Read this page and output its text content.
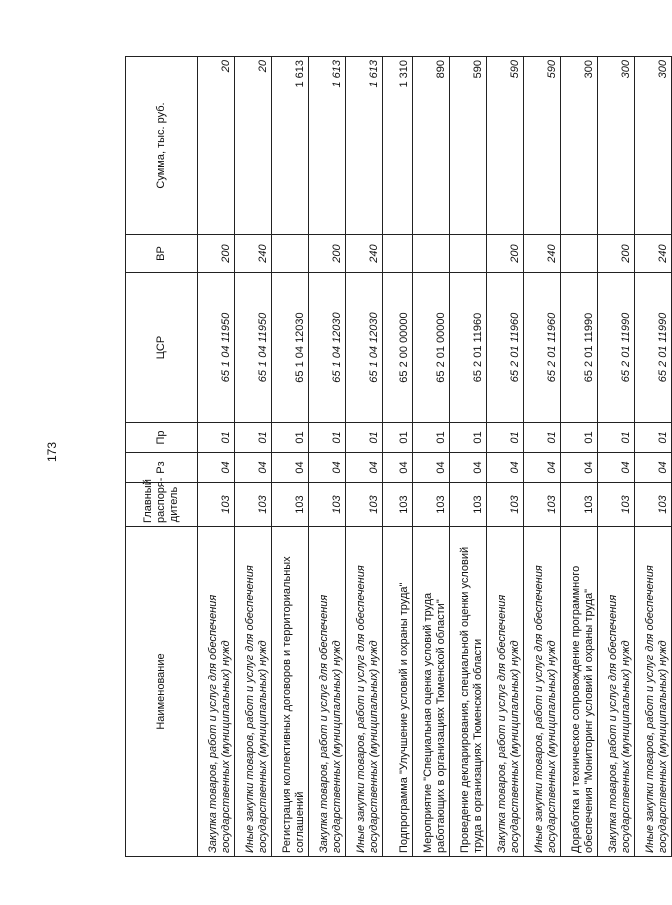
173
Наименование	Главный распоря-дитель	Рз	Пр	ЦСР	ВР	Сумма, тыс. руб.
Закупка товаров, работ и услуг для обеспечения государственных (муниципальных) нужд	103	04	01	65 1 04 11950	200	20
Иные закупки товаров, работ и услуг для обеспечения государственных (муниципальных) нужд	103	04	01	65 1 04 11950	240	20
Регистрация коллективных договоров и территориальных соглашений	103	04	01	65 1 04 12030		1 613
Закупка товаров, работ и услуг для обеспечения государственных (муниципальных) нужд	103	04	01	65 1 04 12030	200	1 613
Иные закупки товаров, работ и услуг для обеспечения государственных (муниципальных) нужд	103	04	01	65 1 04 12030	240	1 613
Подпрограмма "Улучшение условий и охраны труда"	103	04	01	65 2 00 00000		1 310
Мероприятие "Специальная оценка условий труда работающих в организациях Тюменской области"	103	04	01	65 2 01 00000		890
Проведение декларирования, специальной оценки условий труда в организациях Тюменской области	103	04	01	65 2 01 11960		590
Закупка товаров, работ и услуг для обеспечения государственных (муниципальных) нужд	103	04	01	65 2 01 11960	200	590
Иные закупки товаров, работ и услуг для обеспечения государственных (муниципальных) нужд	103	04	01	65 2 01 11960	240	590
Доработка и техническое сопровождение программного обеспечения "Мониторинг условий и охраны труда"	103	04	01	65 2 01 11990		300
Закупка товаров, работ и услуг для обеспечения государственных (муниципальных) нужд	103	04	01	65 2 01 11990	200	300
Иные закупки товаров, работ и услуг для обеспечения государственных (муниципальных) нужд	103	04	01	65 2 01 11990	240	300
